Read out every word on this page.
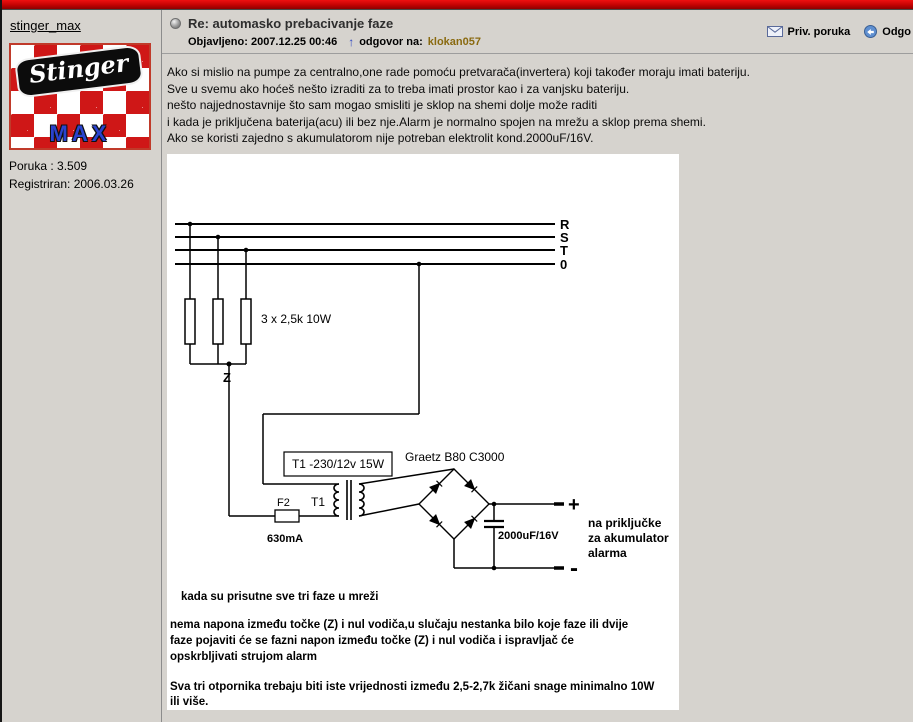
stinger_max
Stinger
MAX
Poruka : 3.509
Registriran: 2006.03.26
Re: automasko prebacivanje faze
Objavljeno: 2007.12.25 00:46 ↑ odgovor na: klokan057
Priv. poruka	Odgo
Ako si mislio na pumpe za centralno,one rade pomoću pretvarača(invertera) koji također moraju imati bateriju.
Sve u svemu ako hoćeš nešto izraditi za to treba imati prostor kao i za vanjsku bateriju.
nešto najjednostavnije što sam mogao smisliti je sklop na shemi dolje može raditi
i kada je priključena baterija(acu) ili bez nje.Alarm je normalno spojen na mrežu a sklop prema shemi.
Ako se koristi zajedno s akumulatorom nije potreban elektrolit kond.2000uF/16V.
R
S
T
0
3 x 2,5k 10W
Z
F2
630mA
T1 -230/12v 15W
T1
Graetz B80 C3000
2000uF/16V
+
-
na priključke
za akumulator
alarma
kada su prisutne sve tri faze u mreži
nema napona između točke (Z) i nul vodiča,u slučaju nestanka bilo koje faze ili dvije
faze pojaviti će se fazni napon između točke (Z) i nul vodiča i ispravljač će
opskrbljivati strujom alarm
Sva tri otpornika trebaju biti iste vrijednosti između 2,5-2,7k žičani snage minimalno 10W
ili više.
